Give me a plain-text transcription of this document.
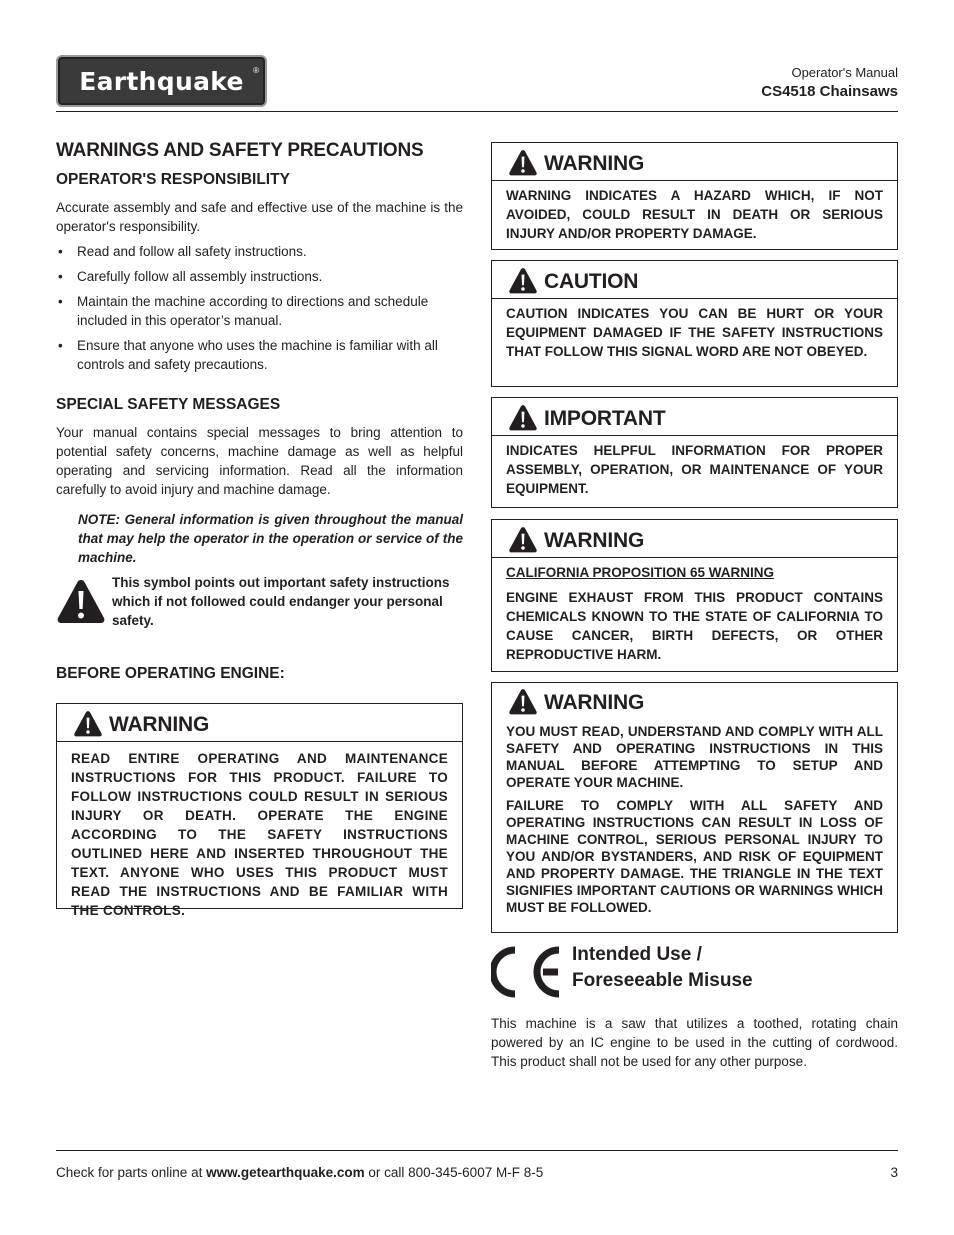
Earthquake ®	Operator's Manual
CS4518 Chainsaws
WARNINGS AND SAFETY PRECAUTIONS
OPERATOR'S RESPONSIBILITY
Accurate assembly and safe and effective use of the machine is the operator's responsibility.
• Read and follow all safety instructions.
• Carefully follow all assembly instructions.
• Maintain the machine according to directions and schedule included in this operator’s manual.
• Ensure that anyone who uses the machine is familiar with all controls and safety precautions.
SPECIAL SAFETY MESSAGES
Your manual contains special messages to bring attention to potential safety concerns, machine damage as well as helpful operating and servicing information. Read all the information carefully to avoid injury and machine damage.
NOTE: General information is given throughout the manual that may help the operator in the operation or service of the machine.
This symbol points out important safety instructions which if not followed could endanger your personal safety.
BEFORE OPERATING ENGINE:
WARNING

READ ENTIRE OPERATING AND MAINTENANCE INSTRUCTIONS FOR THIS PRODUCT. FAILURE TO FOLLOW INSTRUCTIONS COULD RESULT IN SERIOUS INJURY OR DEATH. OPERATE THE ENGINE ACCORDING TO THE SAFETY INSTRUCTIONS OUTLINED HERE AND INSERTED THROUGHOUT THE TEXT. ANYONE WHO USES THIS PRODUCT MUST READ THE INSTRUCTIONS AND BE FAMILIAR WITH THE CONTROLS.

WARNING

WARNING INDICATES A HAZARD WHICH, IF NOT AVOIDED, COULD RESULT IN DEATH OR SERIOUS INJURY AND/OR PROPERTY DAMAGE.

CAUTION

CAUTION INDICATES YOU CAN BE HURT OR YOUR EQUIPMENT DAMAGED IF THE SAFETY INSTRUCTIONS THAT FOLLOW THIS SIGNAL WORD ARE NOT OBEYED.

IMPORTANT

INDICATES HELPFUL INFORMATION FOR PROPER ASSEMBLY, OPERATION, OR MAINTENANCE OF YOUR EQUIPMENT.

WARNING

CALIFORNIA PROPOSITION 65 WARNING

ENGINE EXHAUST FROM THIS PRODUCT CONTAINS CHEMICALS KNOWN TO THE STATE OF CALIFORNIA TO CAUSE CANCER, BIRTH DEFECTS, OR OTHER REPRODUCTIVE HARM.

WARNING

YOU MUST READ, UNDERSTAND AND COMPLY WITH ALL SAFETY AND OPERATING INSTRUCTIONS IN THIS MANUAL BEFORE ATTEMPTING TO SETUP AND OPERATE YOUR MACHINE.

FAILURE TO COMPLY WITH ALL SAFETY AND OPERATING INSTRUCTIONS CAN RESULT IN LOSS OF MACHINE CONTROL, SERIOUS PERSONAL INJURY TO YOU AND/OR BYSTANDERS, AND RISK OF EQUIPMENT AND PROPERTY DAMAGE. THE TRIANGLE IN THE TEXT SIGNIFIES IMPORTANT CAUTIONS OR WARNINGS WHICH MUST BE FOLLOWED.

Intended Use /
Foreseeable Misuse
This machine is a saw that utilizes a toothed, rotating chain powered by an IC engine to be used in the cutting of cordwood. This product shall not be used for any other purpose.
Check for parts online at www.getearthquake.com or call 800-345-6007 M-F 8-5	3
